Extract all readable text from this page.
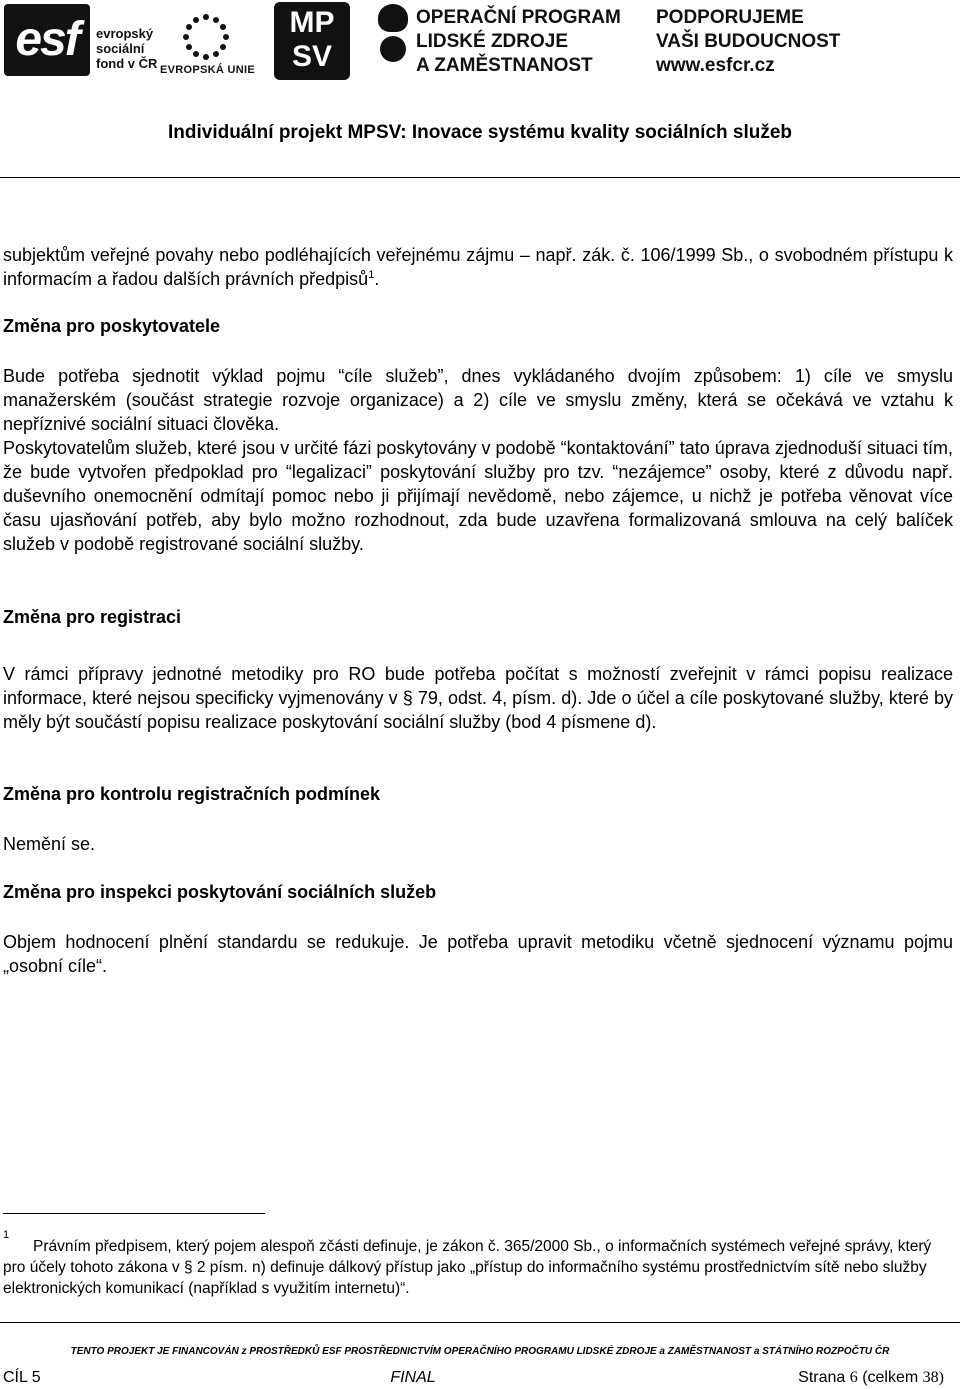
esf	evropský
sociální
fond v ČR EVROPSKÁ UNIE
MP
SV
OPERAČNÍ PROGRAM
LIDSKÉ ZDROJE
A ZAMĚSTNANOST
PODPORUJEME
VAŠI BUDOUCNOST
www.esfcr.cz
Individuální projekt MPSV: Inovace systému kvality sociálních služeb
subjektům veřejné povahy nebo podléhajících veřejnému zájmu – např. zák. č. 106/1999 Sb., o svobodném přístupu k informacím a řadou dalších právních předpisů$^1$.
Změna pro poskytovatele
Bude potřeba sjednotit výklad pojmu “cíle služeb”, dnes vykládaného dvojím způsobem: 1) cíle ve smyslu manažerském (součást strategie rozvoje organizace) a 2) cíle ve smyslu změny, která se očekává ve vztahu k nepříznivé sociální situaci člověka.
Poskytovatelům služeb, které jsou v určité fázi poskytovány v podobě “kontaktování” tato úprava zjednoduší situaci tím, že bude vytvořen předpoklad pro “legalizaci” poskytování služby pro tzv. “nezájemce” osoby, které z důvodu např. duševního onemocnění odmítají pomoc nebo ji přijímají nevědomě, nebo zájemce, u nichž je potřeba věnovat více času ujasňování potřeb, aby bylo možno rozhodnout, zda bude uzavřena formalizovaná smlouva na celý balíček služeb v podobě registrované sociální služby.
Změna pro registraci
V rámci přípravy jednotné metodiky pro RO bude potřeba počítat s možností zveřejnit v rámci popisu realizace informace, které nejsou specificky vyjmenovány v § 79, odst. 4, písm. d). Jde o účel a cíle poskytované služby, které by měly být součástí popisu realizace poskytování sociální služby (bod 4 písmene d).
Změna pro kontrolu registračních podmínek
Nemění se.
Změna pro inspekci poskytování sociálních služeb
Objem hodnocení plnění standardu se redukuje. Je potřeba upravit metodiku včetně sjednocení významu pojmu „osobní cíle“.
1
Právním předpisem, který pojem alespoň zčásti definuje, je zákon č. 365/2000 Sb., o informačních systémech veřejné správy, který pro účely tohoto zákona v § 2 písm. n) definuje dálkový přístup jako „přístup do informačního systému prostřednictvím sítě nebo služby elektronických komunikací (například s využitím internetu)“.
TENTO PROJEKT JE FINANCOVÁN z PROSTŘEDKŮ ESF PROSTŘEDNICTVÍM OPERAČNÍHO PROGRAMU LIDSKÉ ZDROJE a ZAMĚSTNANOST a STÁTNÍHO ROZPOČTU ČR
CÍL 5	FINAL	Strana 6 (celkem 38)
